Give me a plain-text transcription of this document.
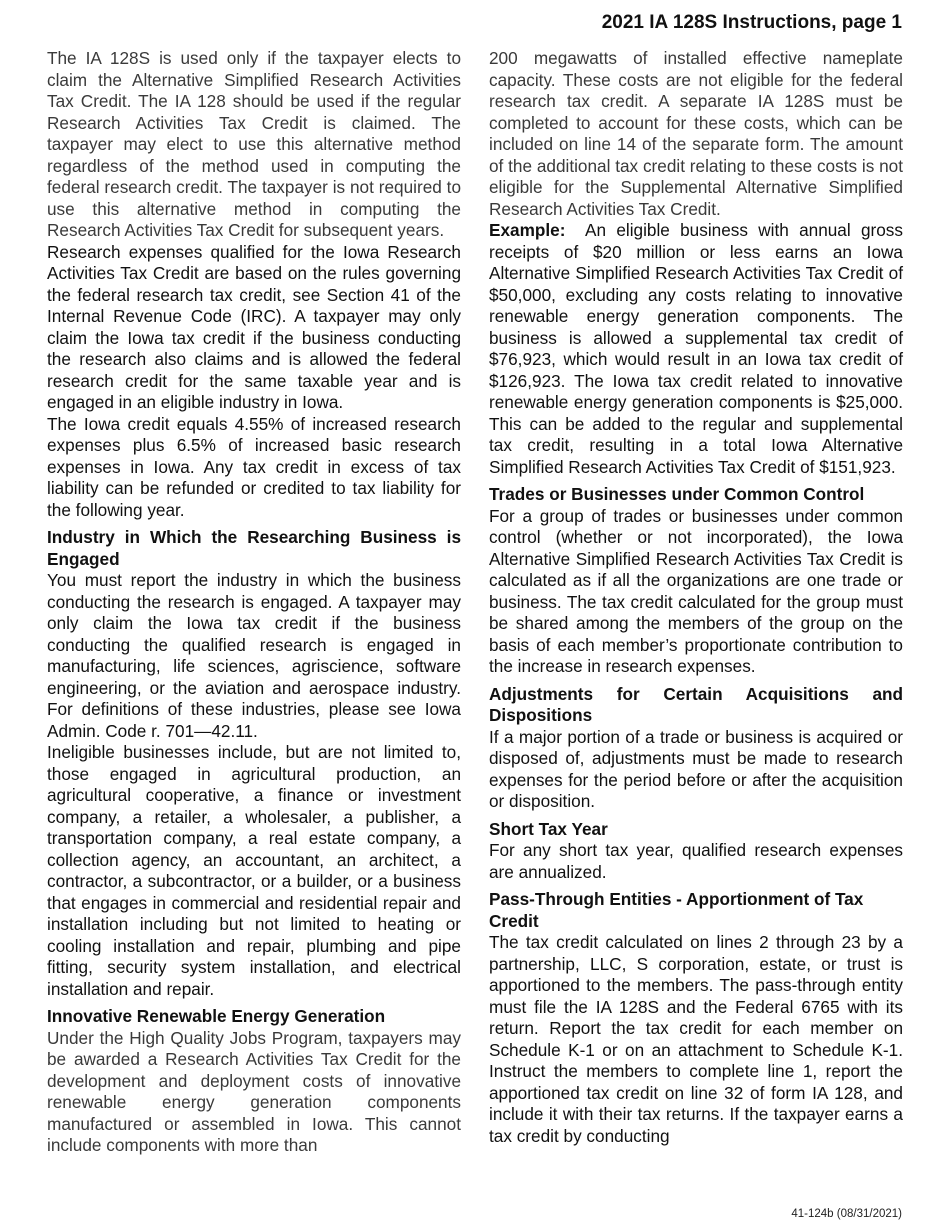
2021 IA 128S Instructions, page 1

The IA 128S is used only if the taxpayer elects to claim the Alternative Simplified Research Activities Tax Credit. The IA 128 should be used if the regular Research Activities Tax Credit is claimed. The taxpayer may elect to use this alternative method regardless of the method used in computing the federal research credit. The taxpayer is not required to use this alternative method in computing the Research Activities Tax Credit for subsequent years.

Research expenses qualified for the Iowa Research Activities Tax Credit are based on the rules governing the federal research tax credit, see Section 41 of the Internal Revenue Code (IRC). A taxpayer may only claim the Iowa tax credit if the business conducting the research also claims and is allowed the federal research credit for the same taxable year and is engaged in an eligible industry in Iowa.

The Iowa credit equals 4.55% of increased research expenses plus 6.5% of increased basic research expenses in Iowa. Any tax credit in excess of tax liability can be refunded or credited to tax liability for the following year.

Industry in Which the Researching Business is Engaged

You must report the industry in which the business conducting the research is engaged. A taxpayer may only claim the Iowa tax credit if the business conducting the qualified research is engaged in manufacturing, life sciences, agriscience, software engineering, or the aviation and aerospace industry. For definitions of these industries, please see Iowa Admin. Code r. 701—42.11.

Ineligible businesses include, but are not limited to, those engaged in agricultural production, an agricultural cooperative, a finance or investment company, a retailer, a wholesaler, a publisher, a transportation company, a real estate company, a collection agency, an accountant, an architect, a contractor, a subcontractor, or a builder, or a business that engages in commercial and residential repair and installation including but not limited to heating or cooling installation and repair, plumbing and pipe fitting, security system installation, and electrical installation and repair.

Innovative Renewable Energy Generation

Under the High Quality Jobs Program, taxpayers may be awarded a Research Activities Tax Credit for the development and deployment costs of innovative renewable energy generation components manufactured or assembled in Iowa. This cannot include components with more than

200 megawatts of installed effective nameplate capacity. These costs are not eligible for the federal research tax credit. A separate IA 128S must be completed to account for these costs, which can be included on line 14 of the separate form. The amount of the additional tax credit relating to these costs is not eligible for the Supplemental Alternative Simplified Research Activities Tax Credit.

Example: An eligible business with annual gross receipts of $20 million or less earns an Iowa Alternative Simplified Research Activities Tax Credit of $50,000, excluding any costs relating to innovative renewable energy generation components. The business is allowed a supplemental tax credit of $76,923, which would result in an Iowa tax credit of $126,923. The Iowa tax credit related to innovative renewable energy generation components is $25,000. This can be added to the regular and supplemental tax credit, resulting in a total Iowa Alternative Simplified Research Activities Tax Credit of $151,923.

Trades or Businesses under Common Control

For a group of trades or businesses under common control (whether or not incorporated), the Iowa Alternative Simplified Research Activities Tax Credit is calculated as if all the organizations are one trade or business. The tax credit calculated for the group must be shared among the members of the group on the basis of each member’s proportionate contribution to the increase in research expenses.

Adjustments for Certain Acquisitions and Dispositions

If a major portion of a trade or business is acquired or disposed of, adjustments must be made to research expenses for the period before or after the acquisition or disposition.

Short Tax Year

For any short tax year, qualified research expenses are annualized.

Pass-Through Entities - Apportionment of Tax Credit

The tax credit calculated on lines 2 through 23 by a partnership, LLC, S corporation, estate, or trust is apportioned to the members. The pass-through entity must file the IA 128S and the Federal 6765 with its return. Report the tax credit for each member on Schedule K-1 or on an attachment to Schedule K-1. Instruct the members to complete line 1, report the apportioned tax credit on line 32 of form IA 128, and include it with their tax returns. If the taxpayer earns a tax credit by conducting

41-124b (08/31/2021)
